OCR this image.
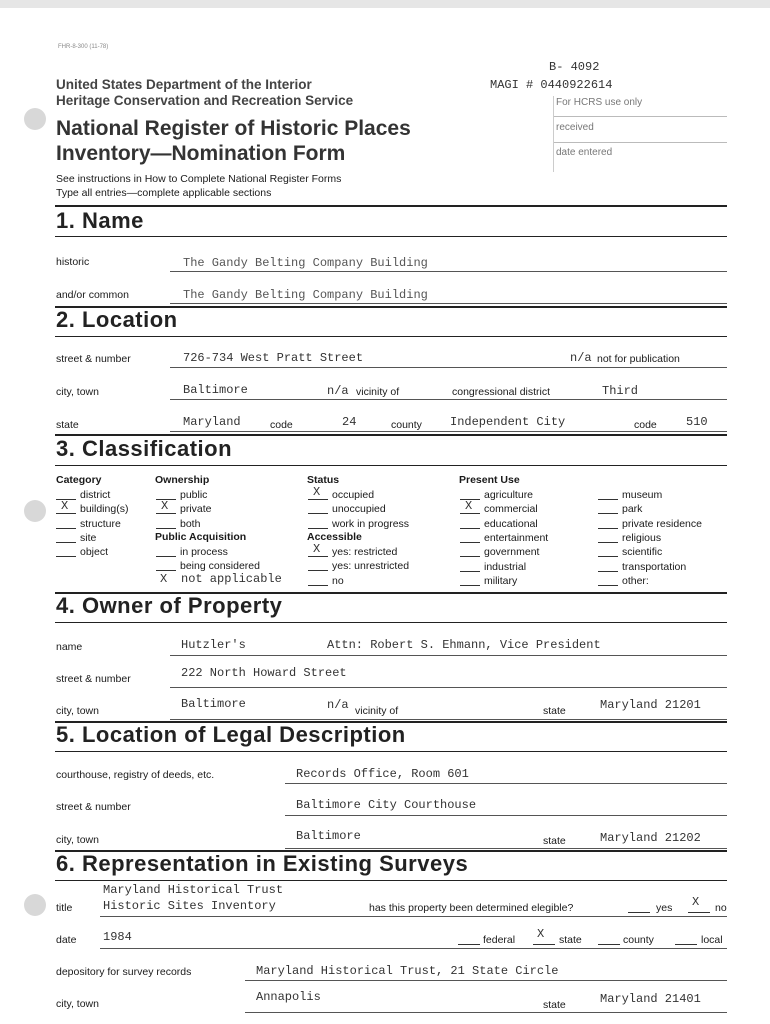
FHR-8-300 (11-78)
B- 4092
MAGI # 0440922614
United States Department of the Interior
Heritage Conservation and Recreation Service
National Register of Historic Places
Inventory—Nomination Form
See instructions in How to Complete National Register Forms
Type all entries—complete applicable sections
For HCRS use only
received
date entered
1. Name
historic	The Gandy Belting Company Building
and/or common	The Gandy Belting Company Building
2. Location
street & number	726-734 West Pratt Street	n/a not for publication
city, town	Baltimore	n/a vicinity of	congressional district	Third
state	Maryland	code	24	county Independent City	code 510
3. Classification
Category
district
X building(s)
structure
site
object
Ownership
public
X private
both
Public Acquisition
in process
being considered
X not applicable
Status
X occupied
unoccupied
work in progress
Accessible
X yes: restricted
yes: unrestricted
no
Present Use
agriculture
X commercial
educational
entertainment
government
industrial
military
museum
park
private residence
religious
scientific
transportation
other:
4. Owner of Property
name	Hutzler's	Attn: Robert S. Ehmann, Vice President
street & number	222 North Howard Street
city, town	Baltimore	n/a vicinity of	state	Maryland 21201
5. Location of Legal Description
courthouse, registry of deeds, etc.	Records Office, Room 601
street & number	Baltimore City Courthouse
city, town	Baltimore	state	Maryland 21202
6. Representation in Existing Surveys
Maryland Historical Trust
title	Historic Sites Inventory	has this property been determined elegible?	yes X no
date 1984	federal X state	county	local
depository for survey records	Maryland Historical Trust, 21 State Circle
city, town	Annapolis
state	Maryland 21401
